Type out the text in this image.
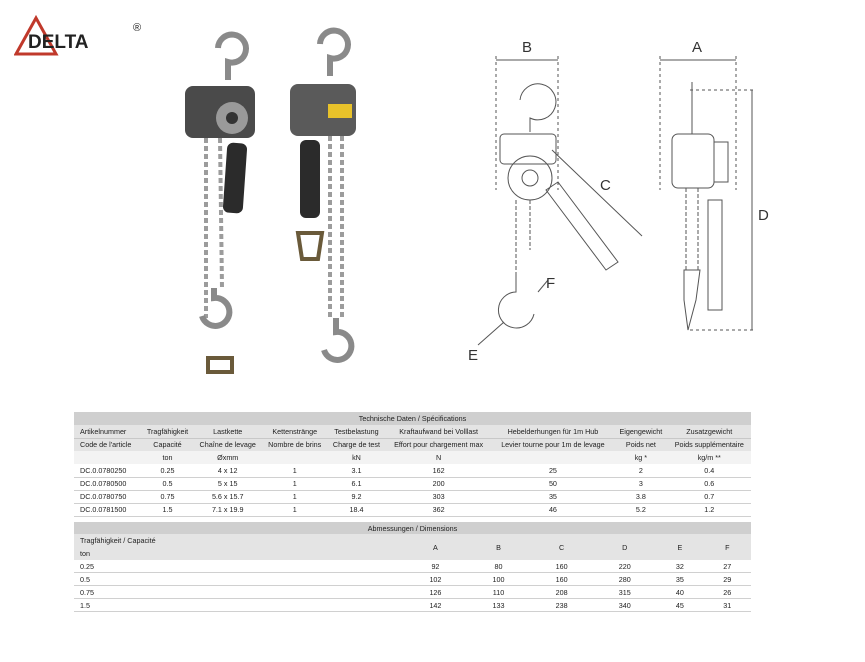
DELTA
®
B	A
D
C
E
F
Technische Daten / Spécifications								
Artikelnummer	Tragfähigkeit	Lastkette	Kettenstränge	Testbelastung	Kraftaufwand bei Volllast	Hebelderhungen für 1m Hub	Eigengewicht	Zusatzgewicht
Code de l'article	Capacité	Chaîne de levage	Nombre de brins	Charge de test	Effort pour chargement max	Levier tourne pour 1m de levage	Poids net	Poids supplémentaire
	ton	Øxmm		kN	N		kg *	kg/m **
DC.0.0780250	0.25	4 x 12	1	3.1	162	25	2	0.4
DC.0.0780500	0.5	5 x 15	1	6.1	200	50	3	0.6
DC.0.0780750	0.75	5.6 x 15.7	1	9.2	303	35	3.8	0.7
DC.0.0781500	1.5	7.1 x 19.9	1	18.4	362	46	5.2	1.2
Abmessungen / Dimensions						
Tragfähigkeit / Capacité	A	B	C	D	E	F
ton						
0.25	92	80	160	220	32	27
0.5	102	100	160	280	35	29
0.75	126	110	208	315	40	26
1.5	142	133	238	340	45	31
